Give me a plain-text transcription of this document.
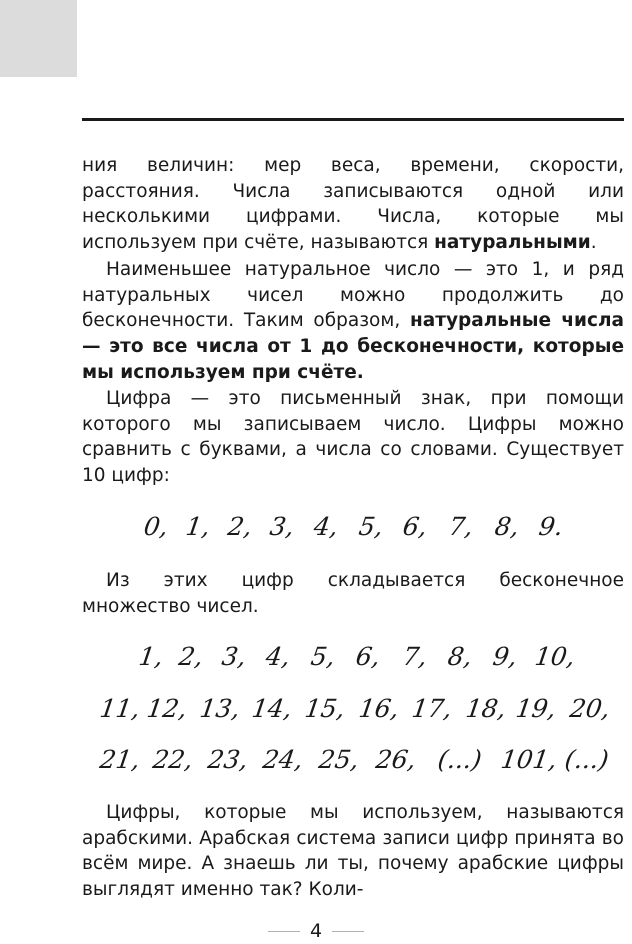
ния величин: мер веса, времени, скорости, расстояния. Числа записываются одной или несколькими цифрами. Числа, которые мы используем при счёте, называются натуральными.

Наименьшее натуральное число — это 1, и ряд натуральных чисел можно продолжить до бесконечности. Таким образом, натуральные числа — это все числа от 1 до бесконечности, которые мы используем при счёте.

Цифра — это письменный знак, при помощи которого мы записываем число. Цифры можно сравнить с буквами, а числа со словами. Существует 10 цифр:

0, 1, 2, 3, 4, 5, 6, 7, 8, 9.

Из этих цифр складывается бесконечное множество чисел.

1, 2, 3, 4, 5, 6, 7, 8, 9, 10,
11, 12, 13, 14, 15, 16, 17, 18, 19, 20,
21, 22, 23, 24, 25, 26, (...) 101, (...)

Цифры, которые мы используем, называются арабскими. Арабская система записи цифр принята во всём мире. А знаешь ли ты, почему арабские цифры выглядят именно так? Коли-

4
